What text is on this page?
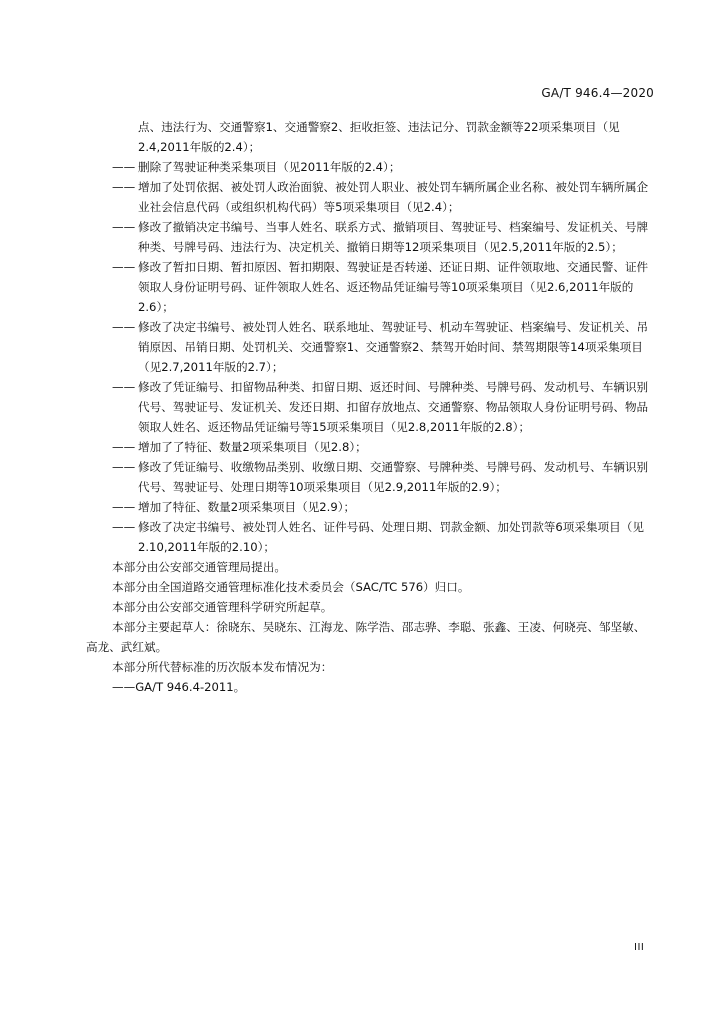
GA/T 946.4—2020

点、违法行为、交通警察1、交通警察2、拒收拒签、违法记分、罚款金额等22项采集项目（见2.4,2011年版的2.4）；

—— 删除了驾驶证种类采集项目（见2011年版的2.4）；

—— 增加了处罚依据、被处罚人政治面貌、被处罚人职业、被处罚车辆所属企业名称、被处罚车辆所属企业社会信息代码（或组织机构代码）等5项采集项目（见2.4）；

—— 修改了撤销决定书编号、当事人姓名、联系方式、撤销项目、驾驶证号、档案编号、发证机关、号牌种类、号牌号码、违法行为、决定机关、撤销日期等12项采集项目（见2.5,2011年版的2.5）；

—— 修改了暂扣日期、暂扣原因、暂扣期限、驾驶证是否转递、还证日期、证件领取地、交通民警、证件领取人身份证明号码、证件领取人姓名、返还物品凭证编号等10项采集项目（见2.6,2011年版的2.6）；

—— 修改了决定书编号、被处罚人姓名、联系地址、驾驶证号、机动车驾驶证、档案编号、发证机关、吊销原因、吊销日期、处罚机关、交通警察1、交通警察2、禁驾开始时间、禁驾期限等14项采集项目（见2.7,2011年版的2.7）；

—— 修改了凭证编号、扣留物品种类、扣留日期、返还时间、号牌种类、号牌号码、发动机号、车辆识别代号、驾驶证号、发证机关、发还日期、扣留存放地点、交通警察、物品领取人身份证明号码、物品领取人姓名、返还物品凭证编号等15项采集项目（见2.8,2011年版的2.8）；

—— 增加了了特征、数量2项采集项目（见2.8）；

—— 修改了凭证编号、收缴物品类别、收缴日期、交通警察、号牌种类、号牌号码、发动机号、车辆识别代号、驾驶证号、处理日期等10项采集项目（见2.9,2011年版的2.9）；

—— 增加了特征、数量2项采集项目（见2.9）；

—— 修改了决定书编号、被处罚人姓名、证件号码、处理日期、罚款金额、加处罚款等6项采集项目（见2.10,2011年版的2.10）；

本部分由公安部交通管理局提出。

本部分由全国道路交通管理标准化技术委员会（SAC/TC 576）归口。

本部分由公安部交通管理科学研究所起草。

本部分主要起草人：徐晓东、吴晓东、江海龙、陈学浩、邵志骅、李聪、张鑫、王凌、何晓亮、邹坚敏、高龙、武红斌。

本部分所代替标准的历次版本发布情况为：

——GA/T 946.4-2011。

III
